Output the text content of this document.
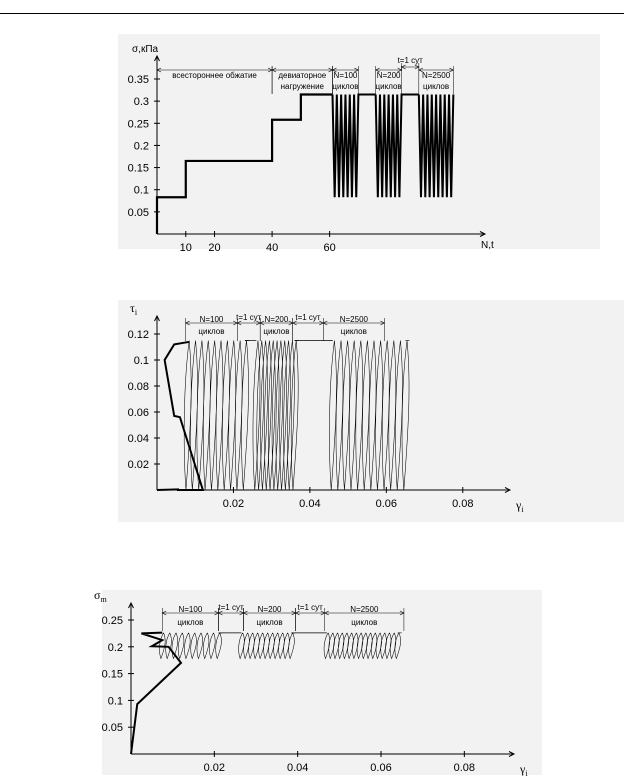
0.05
0.1
0.15
0.2
0.25
0.3
0.35
10 20	40	60
σ,кПа
N,t
всестороннее обжатие	девиаторное
нагружение
N=100
циклов
N=200
циклов
N=2500
циклов
t=1 сут
0.02
0.04
0.06
0.08
0.1
0.12
0.02	0.04	0.06	0.08
$\tau_i$
$\gamma_i$
N=100
циклов
t=1 сут N=200
циклов
t=1 сут N=2500
циклов
0.05
0.1
0.15
0.2
0.25
0.02	0.04	0.06	0.08
$\sigma_m$
$\gamma_i$
N=100
циклов
t=1 сут N=200
циклов
t=1 сут	N=2500
циклов
